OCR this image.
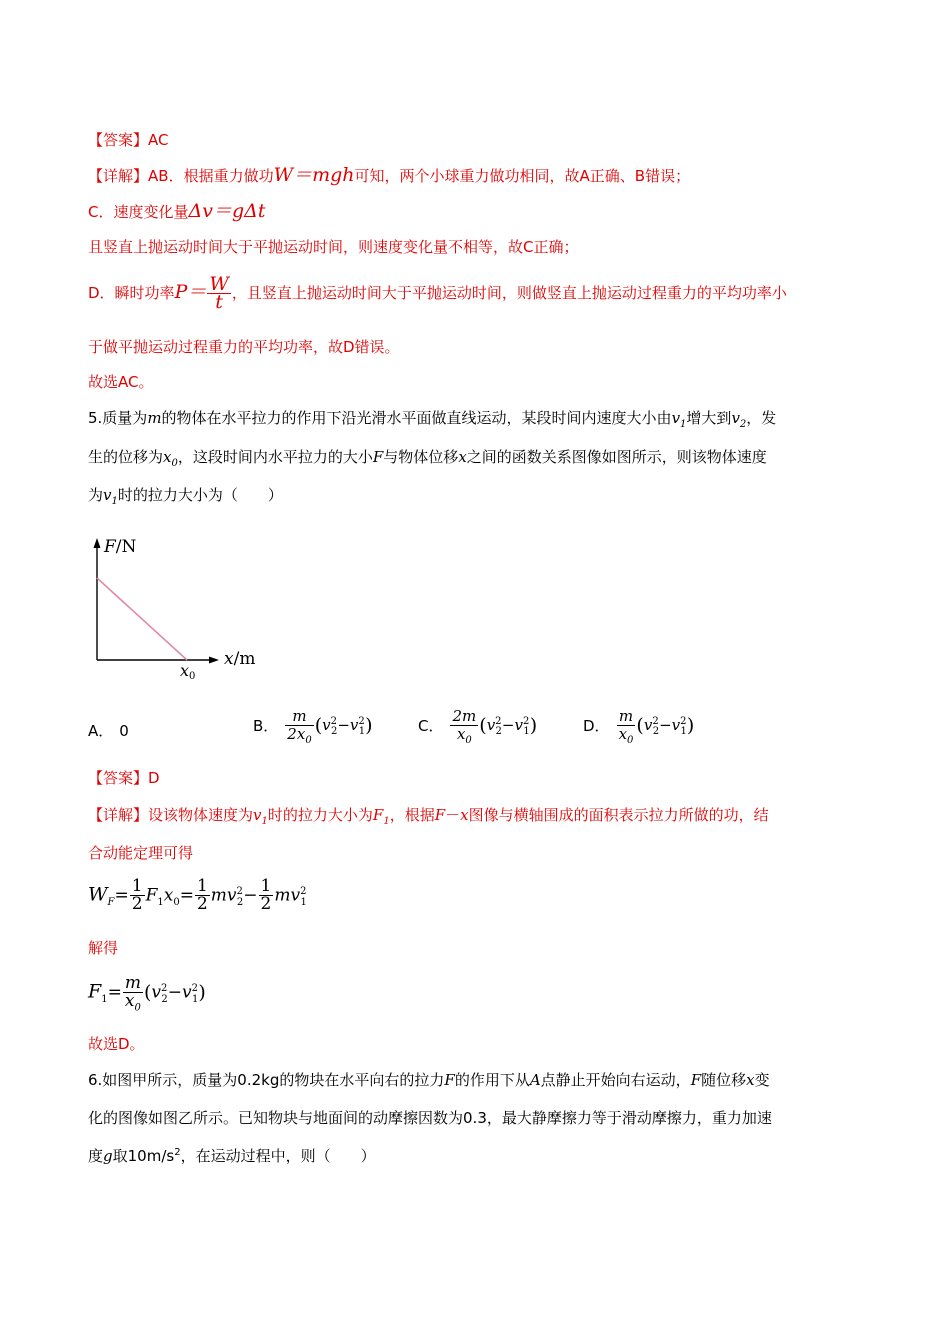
【答案】AC
【详解】AB．根据重力做功W＝mgh可知，两个小球重力做功相同，故A正确、B错误；
C．速度变化量Δv＝gΔt
且竖直上抛运动时间大于平抛运动时间，则速度变化量不相等，故C正确；
D．瞬时功率$P= \frac{W}{t}$ ，且竖直上抛运动时间大于平抛运动时间，则做竖直上抛运动过程重力的平均功率小
于做平抛运动过程重力的平均功率，故D错误。
故选AC。
5.质量为m的物体在水平拉力的作用下沿光滑水平面做直线运动，某段时间内速度大小由$v_1$增大到$v_2$，发
生的位移为$x_0$，这段时间内水平拉力的大小F与物体位移x之间的函数关系图像如图所示，则该物体速度
为$v_1$时的拉力大小为（　　）
F/N
x/m
x0
A． 0	B． $\frac{m}{2x_0} (v^2_2-v^2_1)$	C． $\frac{2m}{x_0} (v^2_2-v^2_1)$	D． $\frac{m}{x_0} (v^2_2-v^2_1)$
【答案】D
【详解】设该物体速度为$v_1$时的拉力大小为$F_1$，根据F－x图像与横轴围成的面积表示拉力所做的功，结
合动能定理可得
$W_F= \frac{1}{2} F_1x_0= \frac{1}{2} mv^2_2- \frac{1}{2} mv^2_1$
解得
$F_1= \frac{m}{x_0} (v^2_2-v^2_1)$
故选D。
6.如图甲所示，质量为0.2kg的物块在水平向右的拉力F的作用下从A点静止开始向右运动，F随位移x变
化的图像如图乙所示。已知物块与地面间的动摩擦因数为0.3，最大静摩擦力等于滑动摩擦力，重力加速
度g取$10m/s^2$，在运动过程中，则（　　）
